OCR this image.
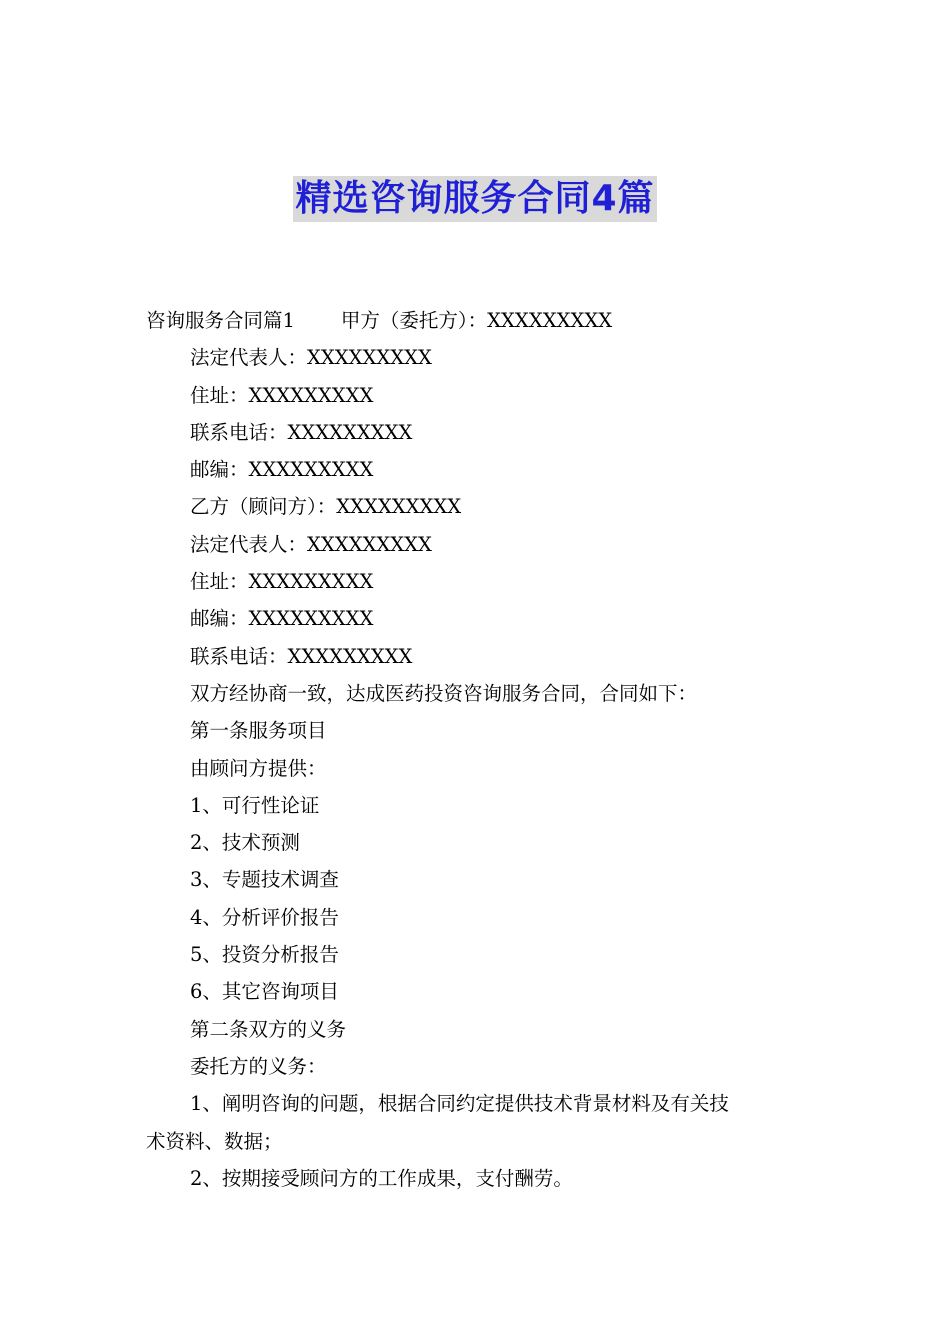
精选咨询服务合同4篇
咨询服务合同篇1 甲方（委托方）：XXXXXXXXX
法定代表人：XXXXXXXXX
住址：XXXXXXXXX
联系电话：XXXXXXXXX
邮编：XXXXXXXXX
乙方（顾问方）：XXXXXXXXX
法定代表人：XXXXXXXXX
住址：XXXXXXXXX
邮编：XXXXXXXXX
联系电话：XXXXXXXXX
双方经协商一致，达成医药投资咨询服务合同，合同如下：
第一条服务项目
由顾问方提供：
1、可行性论证
2、技术预测
3、专题技术调查
4、分析评价报告
5、投资分析报告
6、其它咨询项目
第二条双方的义务
委托方的义务：
1、阐明咨询的问题，根据合同约定提供技术背景材料及有关技
术资料、数据；
2、按期接受顾问方的工作成果，支付酬劳。
